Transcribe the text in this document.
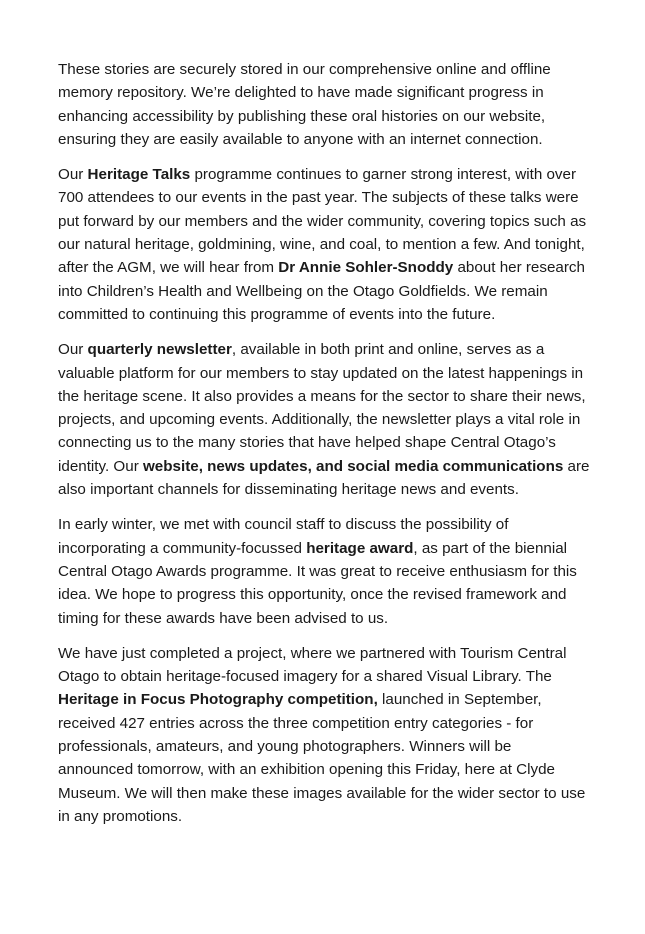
These stories are securely stored in our comprehensive online and offline memory repository. We’re delighted to have made significant progress in enhancing accessibility by publishing these oral histories on our website, ensuring they are easily available to anyone with an internet connection.

Our Heritage Talks programme continues to garner strong interest, with over 700 attendees to our events in the past year. The subjects of these talks were put forward by our members and the wider community, covering topics such as our natural heritage, goldmining, wine, and coal, to mention a few. And tonight, after the AGM, we will hear from Dr Annie Sohler-Snoddy about her research into Children’s Health and Wellbeing on the Otago Goldfields. We remain committed to continuing this programme of events into the future.

Our quarterly newsletter, available in both print and online, serves as a valuable platform for our members to stay updated on the latest happenings in the heritage scene. It also provides a means for the sector to share their news, projects, and upcoming events. Additionally, the newsletter plays a vital role in connecting us to the many stories that have helped shape Central Otago’s identity. Our website, news updates, and social media communications are also important channels for disseminating heritage news and events.

In early winter, we met with council staff to discuss the possibility of incorporating a community-focussed heritage award, as part of the biennial Central Otago Awards programme. It was great to receive enthusiasm for this idea. We hope to progress this opportunity, once the revised framework and timing for these awards have been advised to us.

We have just completed a project, where we partnered with Tourism Central Otago to obtain heritage-focused imagery for a shared Visual Library. The Heritage in Focus Photography competition, launched in September, received 427 entries across the three competition entry categories - for professionals, amateurs, and young photographers. Winners will be announced tomorrow, with an exhibition opening this Friday, here at Clyde Museum. We will then make these images available for the wider sector to use in any promotions.
